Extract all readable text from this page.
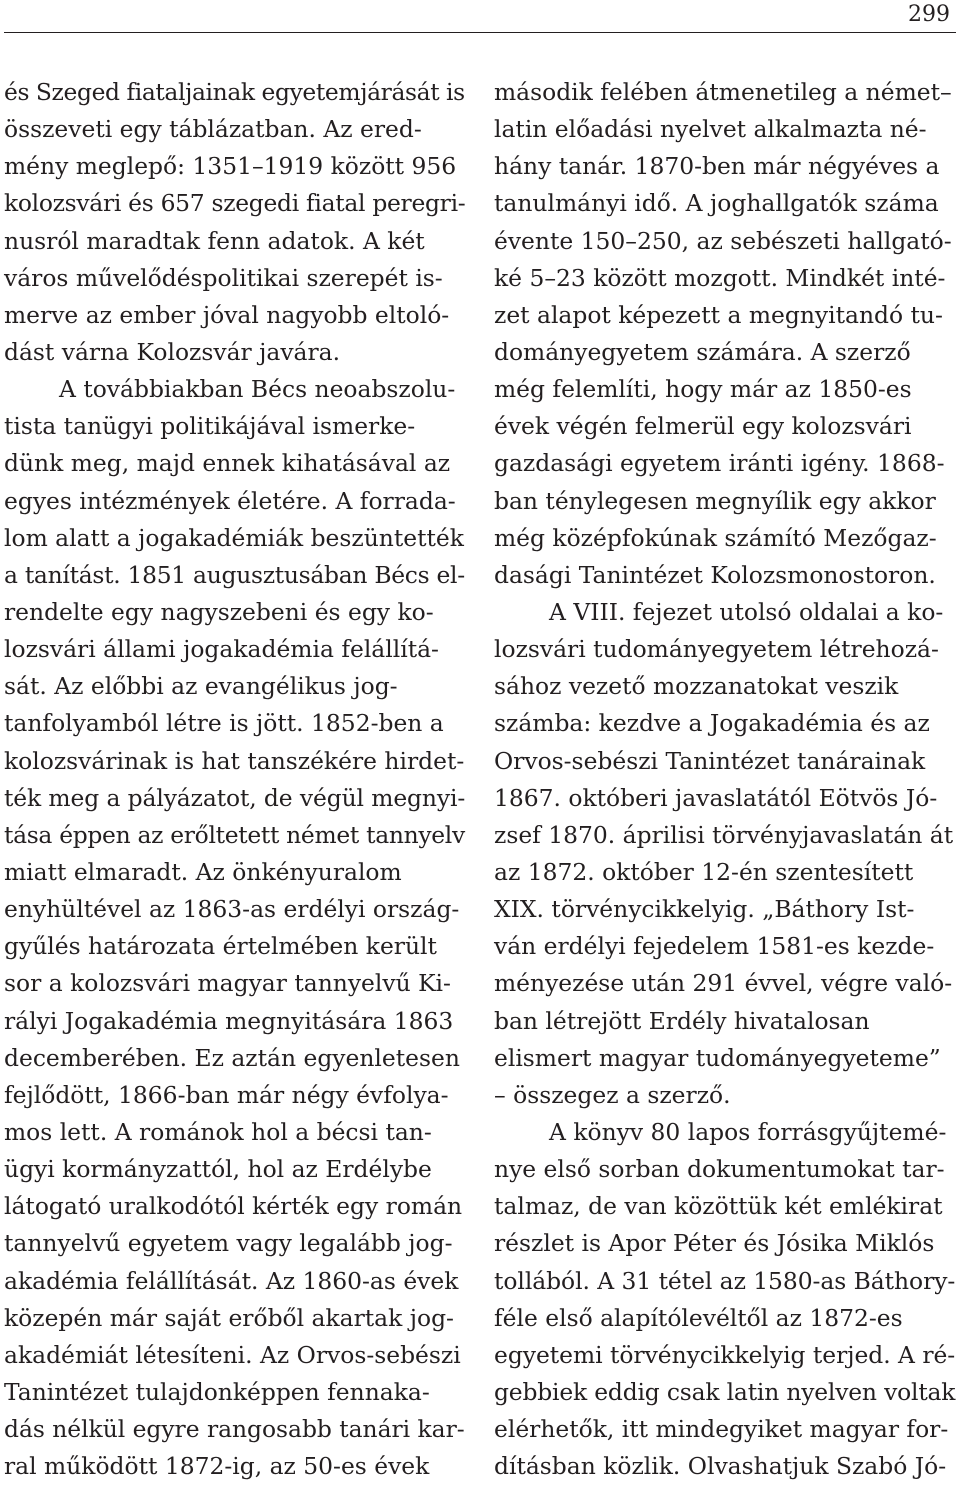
299
és Szeged fiataljainak egyetemjárását is
összeveti egy táblázatban. Az ered-
mény meglepő: 1351–1919 között 956
kolozsvári és 657 szegedi fiatal peregri-
nusról maradtak fenn adatok. A két
város művelődéspolitikai szerepét is-
merve az ember jóval nagyobb eltoló-
dást várna Kolozsvár javára.
A továbbiakban Bécs neoabszolu-
tista tanügyi politikájával ismerke-
dünk meg, majd ennek kihatásával az
egyes intézmények életére. A forrada-
lom alatt a jogakadémiák beszüntették
a tanítást. 1851 augusztusában Bécs el-
rendelte egy nagyszebeni és egy ko-
lozsvári állami jogakadémia felállítá-
sát. Az előbbi az evangélikus jog-
tanfolyamból létre is jött. 1852-ben a
kolozsvárinak is hat tanszékére hirdet-
ték meg a pályázatot, de végül megnyi-
tása éppen az erőltetett német tannyelv
miatt elmaradt. Az önkényuralom
enyhültével az 1863-as erdélyi ország-
gyűlés határozata értelmében került
sor a kolozsvári magyar tannyelvű Ki-
rályi Jogakadémia megnyitására 1863
decemberében. Ez aztán egyenletesen
fejlődött, 1866-ban már négy évfolya-
mos lett. A románok hol a bécsi tan-
ügyi kormányzattól, hol az Erdélybe
látogató uralkodótól kérték egy román
tannyelvű egyetem vagy legalább jog-
akadémia felállítását. Az 1860-as évek
közepén már saját erőből akartak jog-
akadémiát létesíteni. Az Orvos-sebészi
Tanintézet tulajdonképpen fennaka-
dás nélkül egyre rangosabb tanári kar-
ral működött 1872-ig, az 50-es évek
második felében átmenetileg a német–
latin előadási nyelvet alkalmazta né-
hány tanár. 1870-ben már négyéves a
tanulmányi idő. A joghallgatók száma
évente 150–250, az sebészeti hallgató-
ké 5–23 között mozgott. Mindkét inté-
zet alapot képezett a megnyitandó tu-
dományegyetem számára. A szerző
még felemlíti, hogy már az 1850-es
évek végén felmerül egy kolozsvári
gazdasági egyetem iránti igény. 1868-
ban ténylegesen megnyílik egy akkor
még középfokúnak számító Mezőgaz-
dasági Tanintézet Kolozsmonostoron.
A VIII. fejezet utolsó oldalai a ko-
lozsvári tudományegyetem létrehozá-
sához vezető mozzanatokat veszik
számba: kezdve a Jogakadémia és az
Orvos-sebészi Tanintézet tanárainak
1867. októberi javaslatától Eötvös Jó-
zsef 1870. áprilisi törvényjavaslatán át
az 1872. október 12-én szentesített
XIX. törvénycikkelyig. „Báthory Ist-
ván erdélyi fejedelem 1581-es kezde-
ményezése után 291 évvel, végre való-
ban létrejött Erdély hivatalosan
elismert magyar tudományegyeteme”
– összegez a szerző.
A könyv 80 lapos forrásgyűjtemé-
nye első sorban dokumentumokat tar-
talmaz, de van közöttük két emlékirat
részlet is Apor Péter és Jósika Miklós
tollából. A 31 tétel az 1580-as Báthory-
féle első alapítólevéltől az 1872-es
egyetemi törvénycikkelyig terjed. A ré-
gebbiek eddig csak latin nyelven voltak
elérhetők, itt mindegyiket magyar for-
dításban közlik. Olvashatjuk Szabó Jó-
